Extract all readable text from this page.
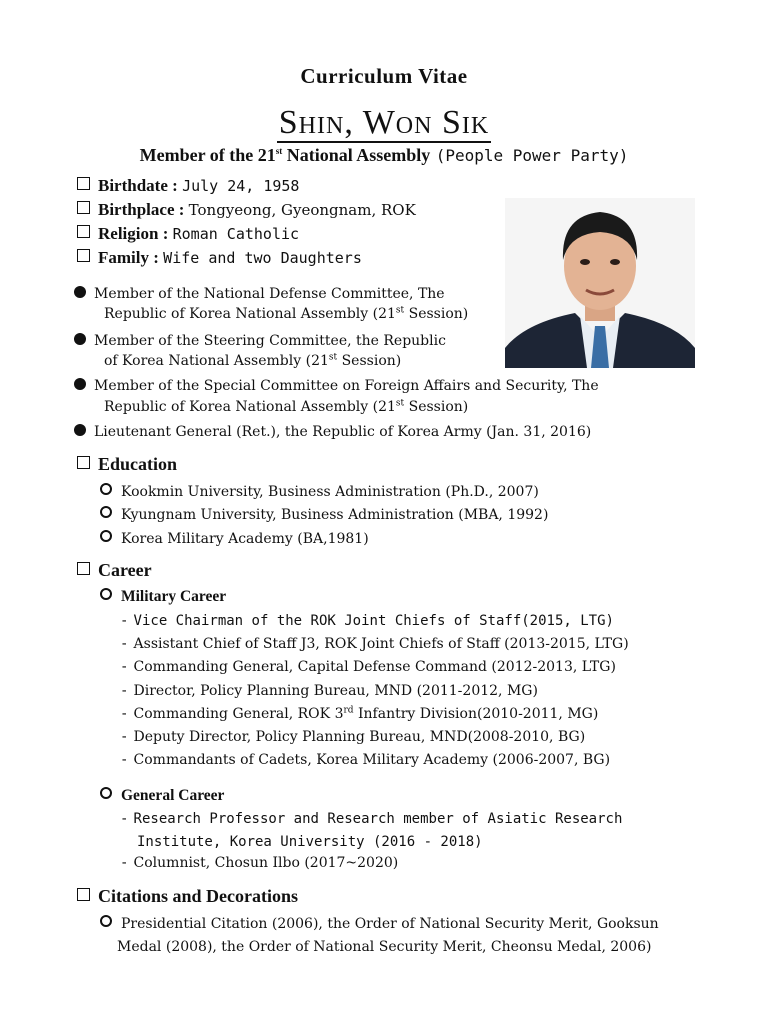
Curriculum Vitae
Shin, Won Sik
Member of the 21st National Assembly (People Power Party)
Birthdate : July 24, 1958
Birthplace : Tongyeong, Gyeongnam, ROK
Religion : Roman Catholic
Family : Wife and two Daughters
Member of the National Defense Committee, The
Republic of Korea National Assembly (21st Session)
Member of the Steering Committee, the Republic
of Korea National Assembly (21st Session)
Member of the Special Committee on Foreign Affairs and Security, The
Republic of Korea National Assembly (21st Session)
Lieutenant General (Ret.), the Republic of Korea Army (Jan. 31, 2016)
Education
Kookmin University, Business Administration (Ph.D., 2007)
Kyungnam University, Business Administration (MBA, 1992)
Korea Military Academy (BA,1981)
Career
Military Career
- Vice Chairman of the ROK Joint Chiefs of Staff(2015, LTG)
- Assistant Chief of Staff J3, ROK Joint Chiefs of Staff (2013-2015, LTG)
- Commanding General, Capital Defense Command (2012-2013, LTG)
- Director, Policy Planning Bureau, MND (2011-2012, MG)
- Commanding General, ROK 3rd Infantry Division(2010-2011, MG)
- Deputy Director, Policy Planning Bureau, MND(2008-2010, BG)
- Commandants of Cadets, Korea Military Academy (2006-2007, BG)
General Career
- Research Professor and Research member of Asiatic Research
Institute, Korea University (2016 - 2018)
- Columnist, Chosun Ilbo (2017~2020)
Citations and Decorations
Presidential Citation (2006), the Order of National Security Merit, Gooksun
Medal (2008), the Order of National Security Merit, Cheonsu Medal, 2006)
